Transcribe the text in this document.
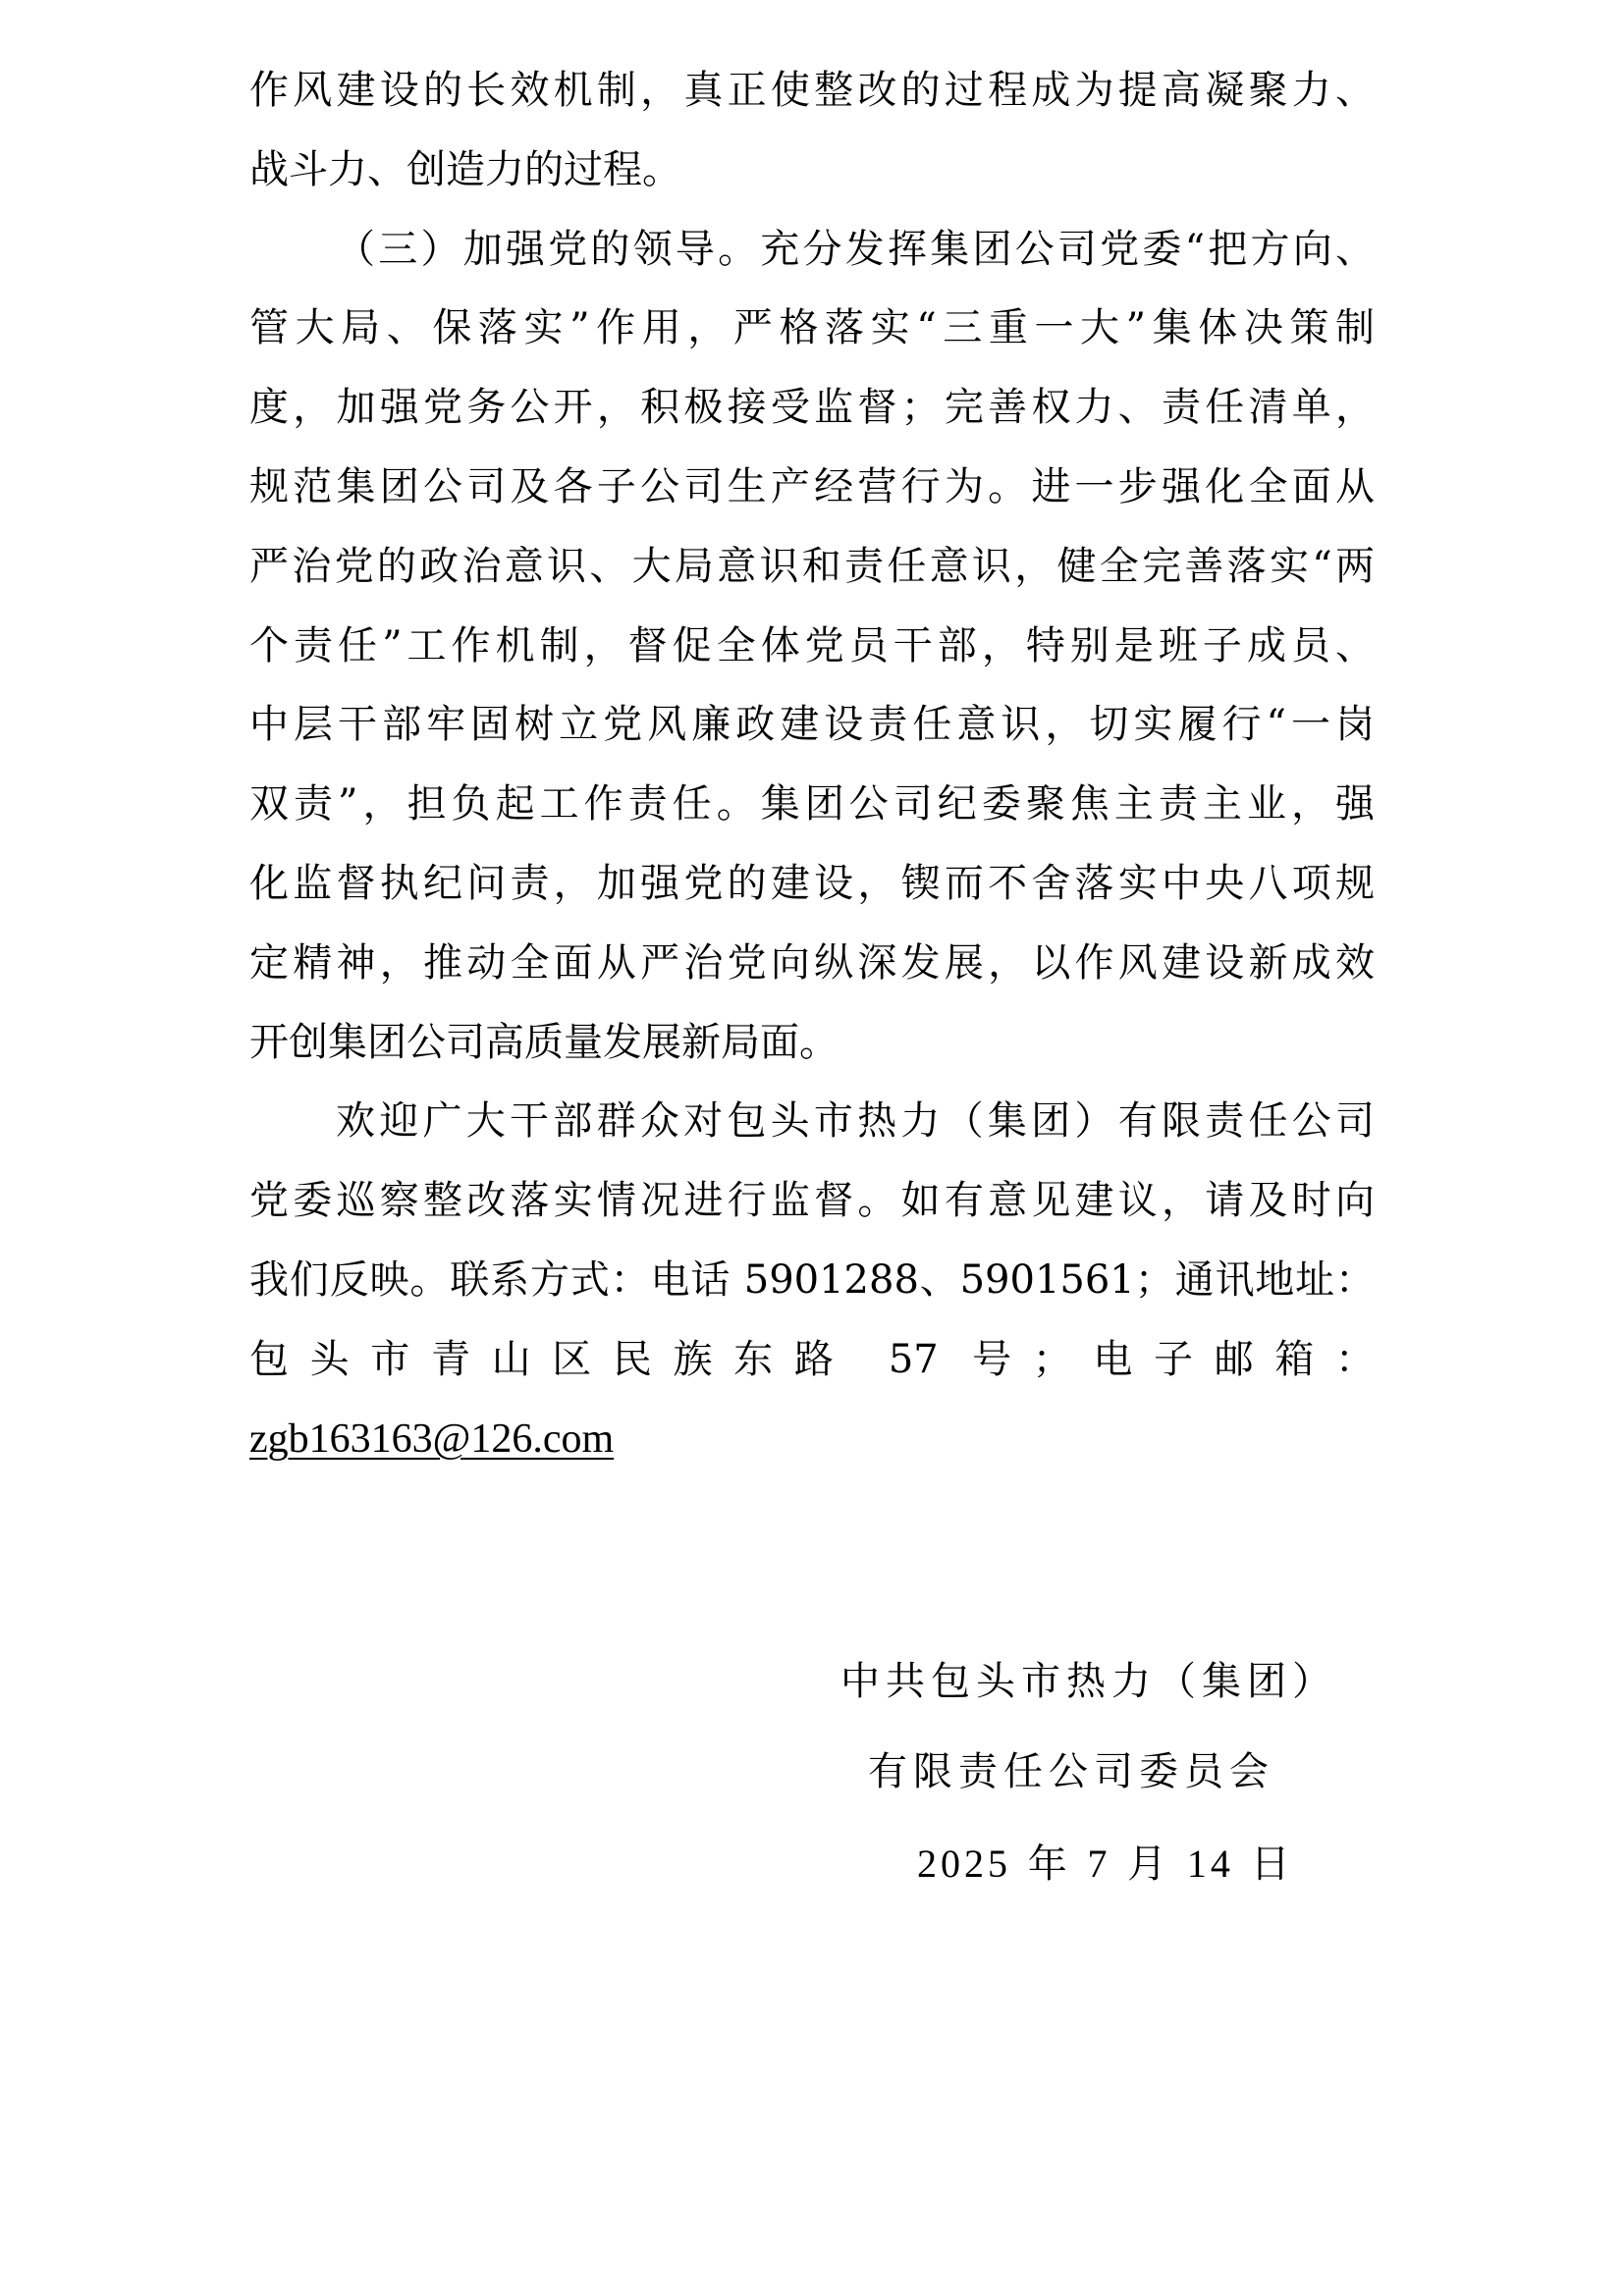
作风建设的长效机制，真正使整改的过程成为提高凝聚力、
战斗力、创造力的过程。
（三）加强党的领导。充分发挥集团公司党委“把方向、
管大局、保落实”作用，严格落实“三重一大”集体决策制
度，加强党务公开，积极接受监督；完善权力、责任清单，
规范集团公司及各子公司生产经营行为。进一步强化全面从
严治党的政治意识、大局意识和责任意识，健全完善落实“两
个责任”工作机制，督促全体党员干部，特别是班子成员、
中层干部牢固树立党风廉政建设责任意识，切实履行“一岗
双责”，担负起工作责任。集团公司纪委聚焦主责主业，强
化监督执纪问责，加强党的建设，锲而不舍落实中央八项规
定精神，推动全面从严治党向纵深发展，以作风建设新成效
开创集团公司高质量发展新局面。
欢迎广大干部群众对包头市热力（集团）有限责任公司
党委巡察整改落实情况进行监督。如有意见建议，请及时向
我们反映。联系方式：电话 5901288、5901561；通讯地址：
包头市青山区民族东路 57 号；电子邮箱：
zgb163163@126.com
中共包头市热力（集团）
有限责任公司委员会
2025 年 7 月 14 日
